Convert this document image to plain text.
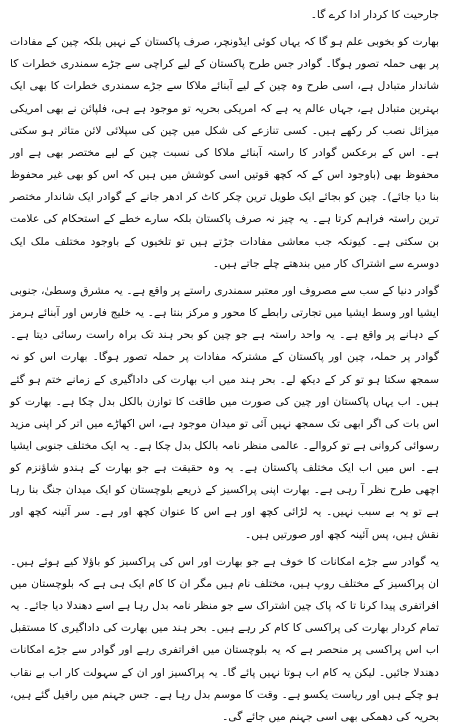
جارحیت کا کردار ادا کرے گا۔

بھارت کو بخوبی علم ہو گا کہ یہاں کوئی ایڈونچر، صرف پاکستان کے نہیں بلکہ چین کے مفادات پر بھی حملہ تصور ہوگا۔ گوادر جس طرح پاکستان کے لیے کراچی سے جڑے سمندری خطرات کا شاندار متبادل ہے، اسی طرح وہ چین کے لیے آبنائے ملاکا سے جڑے سمندری خطرات کا بھی ایک بہترین متبادل ہے، جہاں عالم یہ ہے کہ امریکی بحریہ تو موجود ہے ہی، فلپائن نے بھی امریکی میزائل نصب کر رکھے ہیں۔ کسی تنازعے کی شکل میں چین کی سپلائی لائن متاثر ہو سکتی ہے۔ اس کے برعکس گوادر کا راستہ آبنائے ملاکا کی نسبت چین کے لیے مختصر بھی ہے اور محفوظ بھی (باوجود اس کے کہ کچھ قوتیں اسی کوشش میں ہیں کہ اس کو بھی غیر محفوظ بنا دیا جائے)۔ چین کو بجائے ایک طویل ترین چکر کاٹ کر ادھر جانے کے گوادر ایک شاندار مختصر ترین راستہ فراہم کرتا ہے۔ یہ چیز نہ صرف پاکستان بلکہ سارے خطے کے استحکام کی علامت بن سکتی ہے۔ کیونکہ جب معاشی مفادات جڑتے ہیں تو تلخیوں کے باوجود مختلف ملک ایک دوسرے سے اشتراک کار میں بندھتے چلے جاتے ہیں۔

گوادر دنیا کے سب سے مصروف اور معتبر سمندری راستے پر واقع ہے۔ یہ مشرق وسطیٰ، جنوبی ایشیا اور وسط ایشیا میں تجارتی رابطے کا محور و مرکز بنتا ہے۔ یہ خلیج فارس اور آبنائے ہرمز کے دہانے پر واقع ہے۔ یہ واحد راستہ ہے جو چین کو بحر ہند تک براہ راست رسائی دیتا ہے۔ گوادر پر حملہ، چین اور پاکستان کے مشترکہ مفادات پر حملہ تصور ہوگا۔ بھارت اس کو نہ سمجھ سکتا ہو تو کر کے دیکھ لے۔ بحر ہند میں اب بھارت کی داداگیری کے زمانے ختم ہو گئے ہیں۔ اب یہاں پاکستان اور چین کی صورت میں طاقت کا توازن بالکل بدل چکا ہے۔ بھارت کو اس بات کی اگر ابھی تک سمجھ نہیں آئی تو میدان موجود ہے، اس اکھاڑے میں اتر کر اپنی مزید رسوائی کروانی ہے تو کروالے۔ عالمی منظر نامہ بالکل بدل چکا ہے۔ یہ ایک مختلف جنوبی ایشیا ہے۔ اس میں اب ایک مختلف پاکستان ہے۔ یہ وہ حقیقت ہے جو بھارت کے ہندو شاؤنزم کو اچھی طرح نظر آ رہی ہے۔ بھارت اپنی پراکسیز کے ذریعے بلوچستان کو ایک میدان جنگ بنا رہا ہے تو یہ بے سبب نہیں۔ یہ لڑائی کچھ اور ہے اس کا عنوان کچھ اور ہے۔ سر آئینہ کچھ اور نقش ہیں، پس آئینہ کچھ اور صورتیں ہیں۔

یہ گوادر سے جڑے امکانات کا خوف ہے جو بھارت اور اس کی پراکسیز کو باؤلا کیے ہوئے ہیں۔ ان پراکسیز کے مختلف روپ ہیں، مختلف نام ہیں مگر ان کا کام ایک ہی ہے کہ بلوچستان میں افراتفری پیدا کرنا تا کہ پاک چین اشتراک سے جو منظر نامہ بدل رہا ہے اسے دھندلا دیا جائے۔ یہ تمام کردار بھارت کی پراکسی کا کام کر رہے ہیں۔ بحر ہند میں بھارت کی داداگیری کا مستقبل اب اس پراکسی پر منحصر ہے کہ یہ بلوچستان میں افراتفری رہے اور گوادر سے جڑے امکانات دھندلا جائیں۔ لیکن یہ کام اب ہوتا نہیں پائے گا۔ یہ پراکسیز اور ان کے سہولت کار اب بے نقاب ہو چکے ہیں اور ریاست یکسو ہے۔ وقت کا موسم بدل رہا ہے۔ جس جہنم میں رافیل گئے ہیں، بحریہ کی دھمکی بھی اسی جہنم میں جائے گی۔
